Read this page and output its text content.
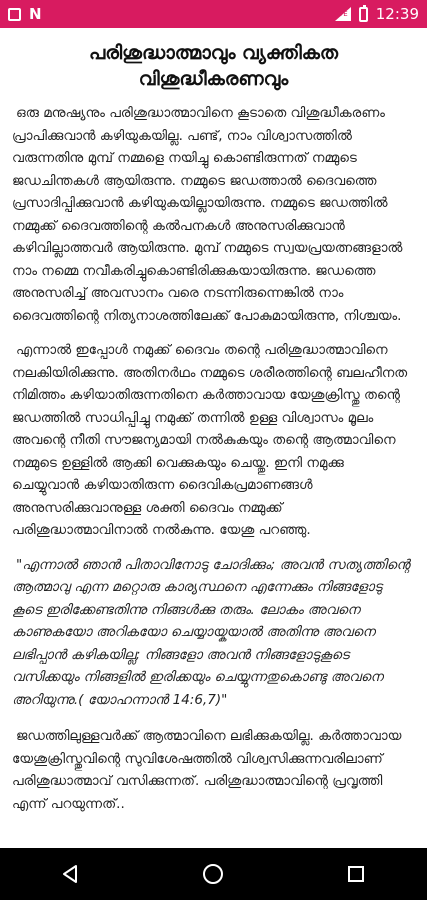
N	LTE 12:39
പരിശുദ്ധാത്മാവും വ്യക്തികത വിശുദ്ധീകരണവും

ഒരു മനുഷ്യനും പരിശുദ്ധാത്മാവിനെ കൂടാതെ വിശുദ്ധീകരണം പ്രാപിക്കുവാൻ കഴിയുകയില്ല. പണ്ട്, നാം വിശ്വാസത്തിൽ വരുന്നതിനു മുമ്പ് നമ്മളെ നയിച്ചു കൊണ്ടിരുന്നത് നമ്മുടെ ജഡചിന്തകൾ ആയിരുന്നു. നമ്മുടെ ജഡത്താൽ ദൈവത്തെ പ്രസാദിപ്പിക്കുവാൻ കഴിയുകയില്ലായിരുന്നു. നമ്മുടെ ജഡത്തിൽ നമ്മുക്ക് ദൈവത്തിന്റെ കൽപനകൾ അനുസരിക്കുവാൻ കഴിവില്ലാത്തവർ ആയിരുന്നു. മുമ്പ് നമ്മുടെ സ്വയപ്രയത്നങ്ങളാൽ നാം നമ്മെ നവീകരിച്ചുകൊണ്ടിരിക്കുകയായിരുന്നു. ജഡത്തെ അനുസരിച്ച് അവസാനം വരെ നടന്നിരുന്നെങ്കിൽ നാം ദൈവത്തിന്റെ നിത്യനാശത്തിലേക്ക് പോകുമായിരുന്നു, നിശ്ചയം.

എന്നാൽ ഇപ്പോൾ നമുക്ക് ദൈവം തന്റെ പരിശുദ്ധാത്മാവിനെ നലകിയിരിക്കുന്നു. അതിനർഥം നമ്മുടെ ശരീരത്തിന്റെ ബലഹീനത നിമിത്തം കഴിയാതിരുന്നതിനെ കർത്താവായ യേശുക്രിസ്തു തന്റെ ജഡത്തിൽ സാധിപ്പിച്ചു നമുക്ക് തന്നിൽ ഉള്ള വിശ്വാസം മൂലം അവന്റെ നീതി സൗജന്യമായി നൽകുകയും തന്റെ ആത്മാവിനെ നമ്മുടെ ഉള്ളിൽ ആക്കി വെക്കുകയും ചെയ്തു. ഇനി നമുക്കു ചെയ്യുവാൻ കഴിയാതിരുന്ന ദൈവികപ്രമാണങ്ങൾ അനുസരിക്കുവാനുള്ള ശക്തി ദൈവം നമ്മുക്ക് പരിശുദ്ധാത്മാവിനാൽ നൽകുന്നു. യേശു പറഞ്ഞു.

"എന്നാൽ ഞാൻ പിതാവിനോടു ചോദിക്കും; അവൻ സത്യത്തിന്റെ ആത്മാവു എന്ന മറ്റൊരു കാര്യസ്ഥനെ എന്നേക്കും നിങ്ങളോടു കൂടെ ഇരിക്കേണ്ടതിന്നു നിങ്ങൾക്കു തരും. ലോകം അവനെ കാണുകയോ അറികയോ ചെയ്യായ്കയാൽ അതിന്നു അവനെ ലഭിപ്പാൻ കഴികയില്ല; നിങ്ങളോ അവൻ നിങ്ങളോടുകൂടെ വസിക്കയും നിങ്ങളിൽ ഇരിക്കയും ചെയ്യുന്നതുകൊണ്ടു അവനെ അറിയുന്നു.( യോഹന്നാൻ 14:6,7)"

ജഡത്തിലുള്ളവർക്ക് ആത്മാവിനെ ലഭിക്കുകയില്ല. കർത്താവായ യേശുക്രിസ്തുവിന്റെ സുവിശേഷത്തിൽ വിശ്വസിക്കുന്നവരിലാണ് പരിശുദ്ധാത്മാവ് വസിക്കുന്നത്. പരിശുദ്ധാത്മാവിന്റെ പ്രവൃത്തി എന്ന് പറയുന്നത്..
